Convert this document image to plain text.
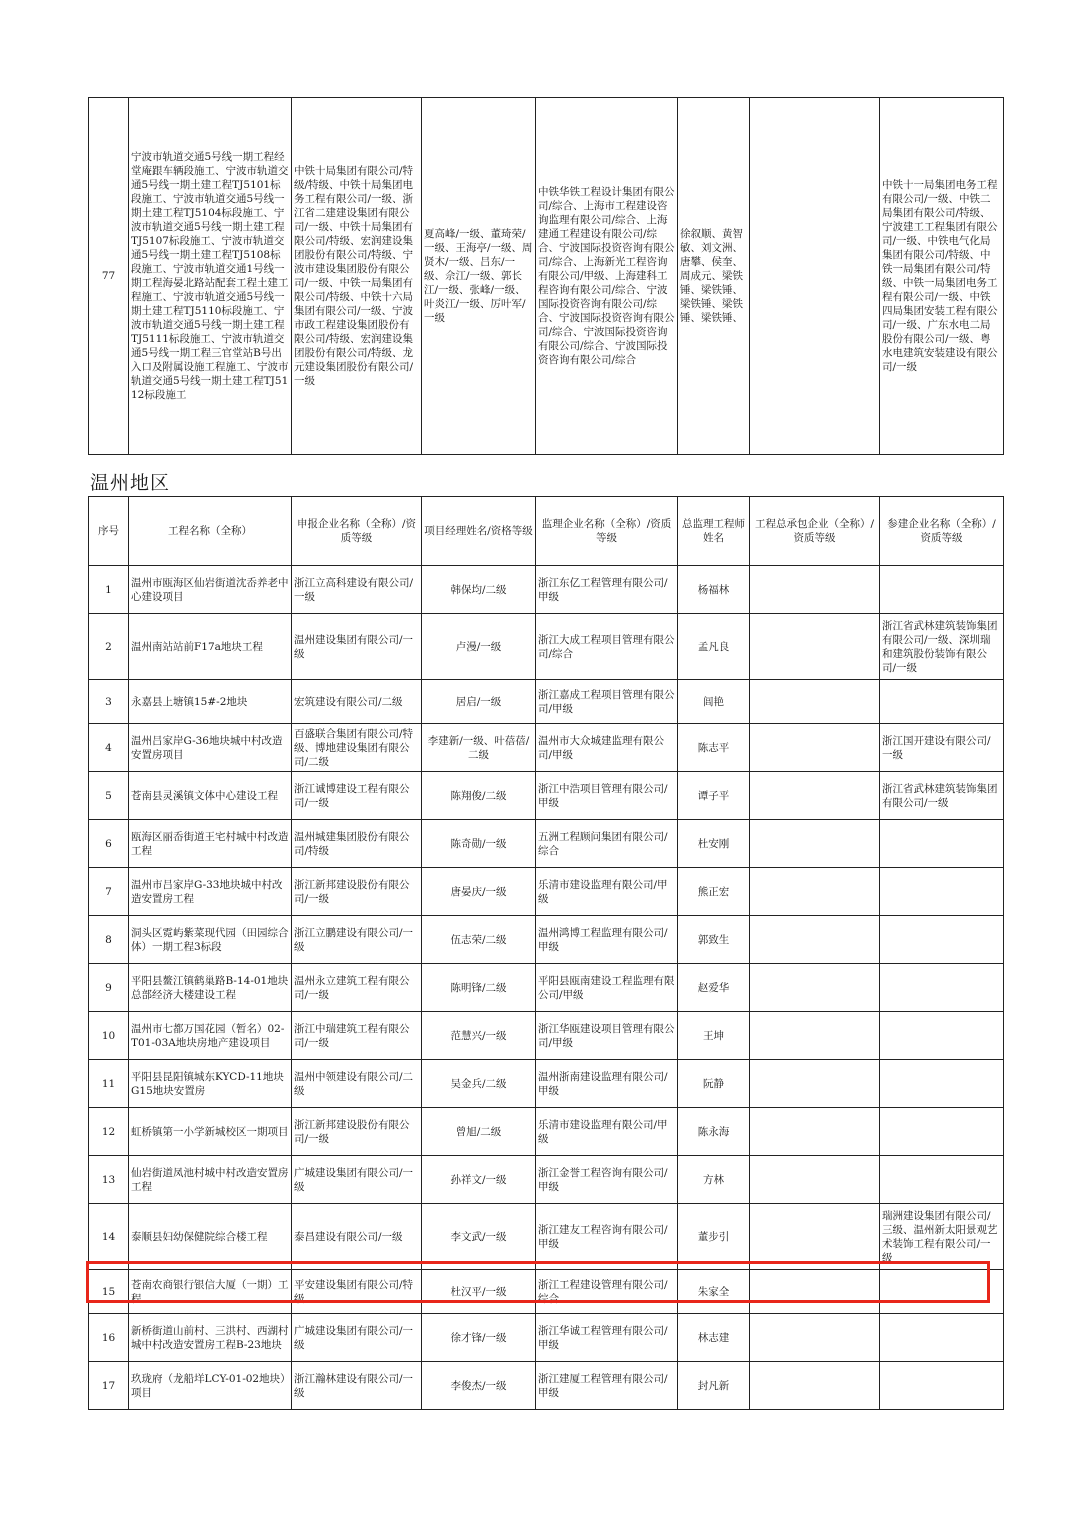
77	宁波市轨道交通5号线一期工程经堂庵跟车辆段施工、宁波市轨道交通5号线一期土建工程TJ5101标段施工、宁波市轨道交通5号线一期土建工程TJ5104标段施工、宁波市轨道交通5号线一期土建工程TJ5107标段施工、宁波市轨道交通5号线一期土建工程TJ5108标段施工、宁波市轨道交通1号线一期工程海晏北路站配套工程土建工程施工、宁波市轨道交通5号线一期土建工程TJ5110标段施工、宁波市轨道交通5号线一期土建工程TJ5111标段施工、宁波市轨道交通5号线一期工程三官堂站B号出入口及附属设施工程施工、宁波市轨道交通5号线一期土建工程TJ5112标段施工	中铁十局集团有限公司/特级/特级、中铁十局集团电务工程有限公司/一级、浙江省二建建设集团有限公司/一级、中铁十局集团有限公司/特级、宏润建设集团股份有限公司/特级、宁波市建设集团股份有限公司/一级、中铁一局集团有限公司/特级、中铁十六局集团有限公司/一级、宁波市政工程建设集团股份有限公司/特级、宏润建设集团股份有限公司/特级、龙元建设集团股份有限公司/一级	夏高峰/一级、董琦荣/一级、王海亭/一级、周贤木/一级、吕东/一级、佘江/一级、郭长江/一级、张峰/一级、叶炎江/一级、厉叶军/一级	中铁华铁工程设计集团有限公司/综合、上海市工程建设咨询监理有限公司/综合、上海建通工程建设有限公司/综合、宁波国际投资咨询有限公司/综合、上海新光工程咨询有限公司/甲级、上海建科工程咨询有限公司/综合、宁波国际投资咨询有限公司/综合、宁波国际投资咨询有限公司/综合、宁波国际投资咨询有限公司/综合、宁波国际投资咨询有限公司/综合	徐叙顺、黄智敏、刘文洲、唐攀、侯奎、周成元、梁铁锤、梁铁锤、梁铁锤、梁铁锤、梁铁锤、		中铁十一局集团电务工程有限公司/一级、中铁二局集团有限公司/特级、宁波建工工程集团有限公司/一级、中铁电气化局集团有限公司/特级、中铁一局集团有限公司/特级、中铁一局集团电务工程有限公司/一级、中铁四局集团安装工程有限公司/一级、广东水电二局股份有限公司/一级、粤水电建筑安装建设有限公司/一级
温州地区
序号	工程名称（全称）	申报企业名称（全称）/资质等级	项目经理姓名/资格等级	监理企业名称（全称）/资质等级	总监理工程师姓名	工程总承包企业（全称）/资质等级	参建企业名称（全称）/资质等级
1	温州市瓯海区仙岩街道沈岙养老中心建设项目	浙江立高科建设有限公司/一级	韩保均/二级	浙江东亿工程管理有限公司/甲级	杨福林		
2	温州南站站前F17a地块工程	温州建设集团有限公司/一级	卢漫/一级	浙江大成工程项目管理有限公司/综合	孟凡良		浙江省武林建筑装饰集团有限公司/一级、深圳瑞和建筑股份装饰有限公司/一级
3	永嘉县上塘镇15#-2地块	宏筑建设有限公司/二级	居启/一级	浙江嘉成工程项目管理有限公司/甲级	闾艳		
4	温州吕家岸G-36地块城中村改造安置房项目	百盛联合集团有限公司/特级、博地建设集团有限公司/二级	李建新/一级、叶蓓蓓/二级	温州市大众城建监理有限公司/甲级	陈志平		浙江国开建设有限公司/一级
5	苍南县灵溪镇文体中心建设工程	浙江诚博建设工程有限公司/一级	陈翔俊/二级	浙江中浩项目管理有限公司/甲级	谭子平		浙江省武林建筑装饰集团有限公司/一级
6	瓯海区丽岙街道王宅村城中村改造工程	温州城建集团股份有限公司/特级	陈奇勋/一级	五洲工程顾问集团有限公司/综合	杜安刚		
7	温州市吕家岸G-33地块城中村改造安置房工程	浙江新邦建设股份有限公司/一级	唐晏庆/一级	乐清市建设监理有限公司/甲级	熊正宏		
8	洞头区霓屿紫菜现代园（田园综合体）一期工程3标段	浙江立鹏建设有限公司/一级	伍志荣/二级	温州鸿博工程监理有限公司/甲级	郭致生		
9	平阳县鳌江镇鹤巢路B-14-01地块总部经济大楼建设工程	温州永立建筑工程有限公司/一级	陈明锋/二级	平阳县瓯南建设工程监理有限公司/甲级	赵爱华		
10	温州市七都万国花园（暂名）02-T01-03A地块房地产建设项目	浙江中瑞建筑工程有限公司/一级	范慧兴/一级	浙江华瓯建设项目管理有限公司/甲级	王坤		
11	平阳县昆阳镇城东KYCD-11地块G15地块安置房	温州中领建设有限公司/二级	吴金兵/二级	温州浙南建设监理有限公司/甲级	阮静		
12	虹桥镇第一小学新城校区一期项目	浙江新邦建设股份有限公司/一级	曾旭/二级	乐清市建设监理有限公司/甲级	陈永海		
13	仙岩街道凤池村城中村改造安置房工程	广城建设集团有限公司/一级	孙祥文/一级	浙江金誉工程咨询有限公司/甲级	方林		
14	泰顺县妇幼保健院综合楼工程	泰昌建设有限公司/一级	李文武/一级	浙江建友工程咨询有限公司/甲级	董步引		瑞洲建设集团有限公司/三级、温州新太阳景观艺术装饰工程有限公司/一级
15	苍南农商银行银信大厦（一期）工程	平安建设集团有限公司/特级	杜汉平/一级	浙江工程建设管理有限公司/综合	朱家全		
16	新桥街道山前村、三洪村、西湖村城中村改造安置房工程B-23地块	广城建设集团有限公司/一级	徐才锋/一级	浙江华诚工程管理有限公司/甲级	林志建		
17	玖珑府（龙船垟LCY-01-02地块）项目	浙江瀚林建设有限公司/一级	李俊杰/一级	浙江建厦工程管理有限公司/甲级	封凡新		
